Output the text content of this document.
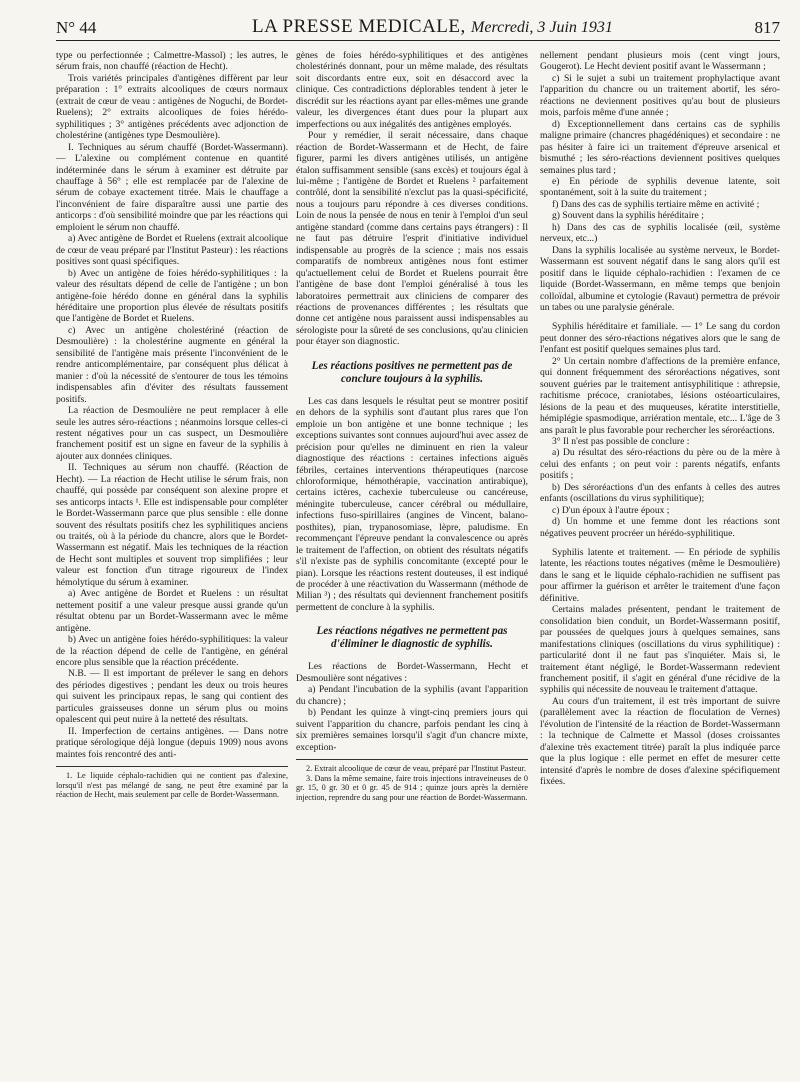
N° 44	LA PRESSE MEDICALE, Mercredi, 3 Juin 1931	817

type ou perfectionnée ; Calmettre-Massol) ; les autres, le sérum frais, non chauffé (réaction de Hecht).

Trois variétés principales d'antigènes diffèrent par leur préparation : 1° extraits alcooliques de cœurs normaux (extrait de cœur de veau : antigènes de Noguchi, de Bordet-Ruelens); 2° extraits alcooliques de foies hérédo-syphilitiques ; 3° antigènes précédents avec adjonction de cholestérine (antigènes type Desmoulière).

I. Techniques au sérum chauffé (Bordet-Wassermann). — L'alexine ou complément contenue en quantité indéterminée dans le sérum à examiner est détruite par chauffage à 56° ; elle est remplacée par de l'alexine de sérum de cobaye exactement titrée. Mais le chauffage a l'inconvénient de faire disparaître aussi une partie des anticorps : d'où sensibilité moindre que par les réactions qui emploient le sérum non chauffé.

a) Avec antigène de Bordet et Ruelens (extrait alcoolique de cœur de veau préparé par l'Institut Pasteur) : les réactions positives sont quasi spécifiques.

b) Avec un antigène de foies hérédo-syphilitiques : la valeur des résultats dépend de celle de l'antigène ; un bon antigène-foie hérédo donne en général dans la syphilis héréditaire une proportion plus élevée de résultats positifs que l'antigène de Bordet et Ruelens.

c) Avec un antigène cholestériné (réaction de Desmoulière) : la cholestérine augmente en général la sensibilité de l'antigène mais présente l'inconvénient de le rendre anticomplémentaire, par conséquent plus délicat à manier : d'où la nécessité de s'entourer de tous les témoins indispensables afin d'éviter des résultats faussement positifs.

La réaction de Desmoulière ne peut remplacer à elle seule les autres séro-réactions ; néanmoins lorsque celles-ci restent négatives pour un cas suspect, un Desmoulière franchement positif est un signe en faveur de la syphilis à ajouter aux données cliniques.

II. Techniques au sérum non chauffé. (Réaction de Hecht). — La réaction de Hecht utilise le sérum frais, non chauffé, qui possède par conséquent son alexine propre et ses anticorps intacts ¹. Elle est indispensable pour compléter le Bordet-Wassermann parce que plus sensible : elle donne souvent des résultats positifs chez les syphilitiques anciens ou traités, où à la période du chancre, alors que le Bordet-Wassermann est négatif. Mais les techniques de la réaction de Hecht sont multiples et souvent trop simplifiées ; leur valeur est fonction d'un titrage rigoureux de l'index hémolytique du sérum à examiner.

a) Avec antigène de Bordet et Ruelens : un résultat nettement positif a une valeur presque aussi grande qu'un résultat obtenu par un Bordet-Wassermann avec le même antigène.

b) Avec un antigène foies hérédo-syphilitiques: la valeur de la réaction dépend de celle de l'antigène, en général encore plus sensible que la réaction précédente.

N.B. — Il est important de prélever le sang en dehors des périodes digestives ; pendant les deux ou trois heures qui suivent les principaux repas, le sang qui contient des particules graisseuses donne un sérum plus ou moins opalescent qui peut nuire à la netteté des résultats.

II. Imperfection de certains antigènes. — Dans notre pratique sérologique déjà longue (depuis 1909) nous avons maintes fois rencontré des anti-

1. Le liquide céphalo-rachidien qui ne contient pas d'alexine, lorsqu'il n'est pas mélangé de sang, ne peut être examiné par la réaction de Hecht, mais seulement par celle de Bordet-Wassermann.

gènes de foies hérédo-syphilitiques et des antigènes cholestérinés donnant, pour un même malade, des résultats soit discordants entre eux, soit en désaccord avec la clinique. Ces contradictions déplorables tendent à jeter le discrédit sur les réactions ayant par elles-mêmes une grande valeur, les divergences étant dues pour la plupart aux imperfections ou aux inégalités des antigènes employés.

Pour y remédier, il serait nécessaire, dans chaque réaction de Bordet-Wassermann et de Hecht, de faire figurer, parmi les divers antigènes utilisés, un antigène étalon suffisamment sensible (sans excès) et toujours égal à lui-même ; l'antigène de Bordet et Ruelens ² parfaitement contrôlé, dont la sensibilité n'exclut pas la quasi-spécificité, nous a toujours paru répondre à ces diverses conditions. Loin de nous la pensée de nous en tenir à l'emploi d'un seul antigène standard (comme dans certains pays étrangers) : Il ne faut pas détruire l'esprit d'initiative individuel indispensable au progrès de la science ; mais nos essais comparatifs de nombreux antigènes nous font estimer qu'actuellement celui de Bordet et Ruelens pourrait être l'antigène de base dont l'emploi généralisé à tous les laboratoires permettrait aux cliniciens de comparer des réactions de provenances différentes ; les résultats que donne cet antigène nous paraissent aussi indispensables au sérologiste pour la sûreté de ses conclusions, qu'au clinicien pour étayer son diagnostic.

Les réactions positives ne permettent pas de conclure toujours à la syphilis.

Les cas dans lesquels le résultat peut se montrer positif en dehors de la syphilis sont d'autant plus rares que l'on emploie un bon antigène et une bonne technique ; les exceptions suivantes sont connues aujourd'hui avec assez de précision pour qu'elles ne diminuent en rien la valeur diagnostique des réactions : certaines infections aiguës fébriles, certaines interventions thérapeutiques (narcose chloroformique, hémothérapie, vaccination antirabique), certains ictères, cachexie tuberculeuse ou cancéreuse, méningite tuberculeuse, cancer cérébral ou médullaire, infections fuso-spirillaires (angines de Vincent, balano-posthites), pian, trypanosomiase, lèpre, paludisme. En recommençant l'épreuve pendant la convalescence ou après le traitement de l'affection, on obtient des résultats négatifs s'il n'existe pas de syphilis concomitante (excepté pour le pian). Lorsque les réactions restent douteuses, il est indiqué de procéder à une réactivation du Wassermann (méthode de Milian ³) ; des résultats qui deviennent franchement positifs permettent de conclure à la syphilis.

Les réactions négatives ne permettent pas d'éliminer le diagnostic de syphilis.

Les réactions de Bordet-Wassermann, Hecht et Desmoulière sont négatives :

a) Pendant l'incubation de la syphilis (avant l'apparition du chancre) ;

b) Pendant les quinze à vingt-cinq premiers jours qui suivent l'apparition du chancre, parfois pendant les cinq à six premières semaines lorsqu'il s'agit d'un chancre mixte, exception-

2. Extrait alcoolique de cœur de veau, préparé par l'Institut Pasteur.

3. Dans la même semaine, faire trois injections intraveineuses de 0 gr. 15, 0 gr. 30 et 0 gr. 45 de 914 ; quinze jours après la dernière injection, reprendre du sang pour une réaction de Bordet-Wassermann.

nellement pendant plusieurs mois (cent vingt jours, Gougerot). Le Hecht devient positif avant le Wassermann ;

c) Si le sujet a subi un traitement prophylactique avant l'apparition du chancre ou un traitement abortif, les séro-réactions ne deviennent positives qu'au bout de plusieurs mois, parfois même d'une année ;

d) Exceptionnellement dans certains cas de syphilis maligne primaire (chancres phagédéniques) et secondaire : ne pas hésiter à faire ici un traitement d'épreuve arsenical et bismuthé ; les séro-réactions deviennent positives quelques semaines plus tard ;

e) En période de syphilis devenue latente, soit spontanément, soit à la suite du traitement ;

f) Dans des cas de syphilis tertiaire même en activité ;

g) Souvent dans la syphilis héréditaire ;

h) Dans des cas de syphilis localisée (œil, système nerveux, etc...)

Dans la syphilis localisée au système nerveux, le Bordet-Wassermann est souvent négatif dans le sang alors qu'il est positif dans le liquide céphalo-rachidien : l'examen de ce liquide (Bordet-Wassermann, en même temps que benjoin colloïdal, albumine et cytologie (Ravaut) permettra de prévoir un tabes ou une paralysie générale.

Syphilis héréditaire et familiale. — 1° Le sang du cordon peut donner des séro-réactions négatives alors que le sang de l'enfant est positif quelques semaines plus tard.

2° Un certain nombre d'affections de la première enfance, qui donnent fréquemment des séroréactions négatives, sont souvent guéries par le traitement antisyphilitique : athrepsie, rachitisme précoce, craniotabes, lésions ostéoarticulaires, lésions de la peau et des muqueuses, kératite interstitielle, hémiplégie spasmodique, arriération mentale, etc... L'âge de 3 ans paraît le plus favorable pour rechercher les séroréactions.

3° Il n'est pas possible de conclure :

a) Du résultat des séro-réactions du père ou de la mère à celui des enfants ; on peut voir : parents négatifs, enfants positifs ;

b) Des séroréactions d'un des enfants à celles des autres enfants (oscillations du virus syphilitique);

c) D'un époux à l'autre époux ;

d) Un homme et une femme dont les réactions sont négatives peuvent procréer un hérédo-syphilitique.

Syphilis latente et traitement. — En période de syphilis latente, les réactions toutes négatives (même le Desmoulière) dans le sang et le liquide céphalo-rachidien ne suffisent pas pour affirmer la guérison et arrêter le traitement d'une façon définitive.

Certains malades présentent, pendant le traitement de consolidation bien conduit, un Bordet-Wassermann positif, par poussées de quelques jours à quelques semaines, sans manifestations cliniques (oscillations du virus syphilitique) : particularité dont il ne faut pas s'inquiéter. Mais si, le traitement étant négligé, le Bordet-Wassermann redevient franchement positif, il s'agit en général d'une récidive de la syphilis qui nécessite de nouveau le traitement d'attaque.

Au cours d'un traitement, il est très important de suivre (parallèlement avec la réaction de floculation de Vernes) l'évolution de l'intensité de la réaction de Bordet-Wassermann : la technique de Calmette et Massol (doses croissantes d'alexine très exactement titrée) paraît la plus indiquée parce que la plus logique : elle permet en effet de mesurer cette intensité d'après le nombre de doses d'alexine spécifiquement fixées.
